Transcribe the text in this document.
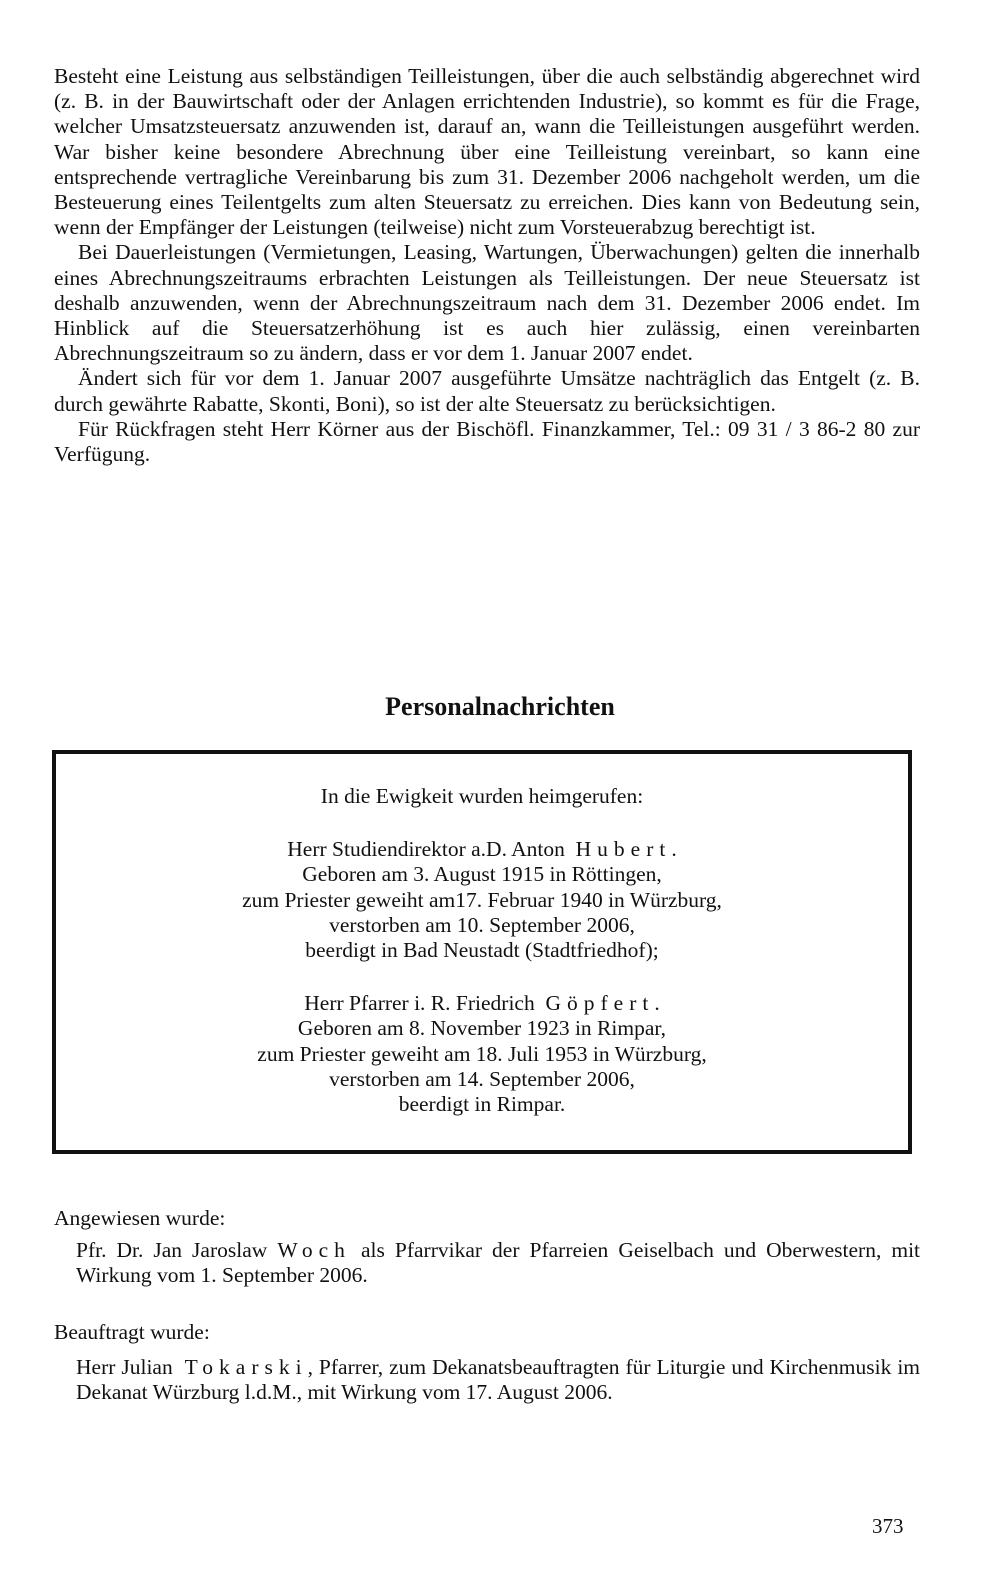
Besteht eine Leistung aus selbständigen Teilleistungen, über die auch selbständig abgerechnet wird (z. B. in der Bauwirtschaft oder der Anlagen errichtenden Industrie), so kommt es für die Frage, welcher Umsatzsteuersatz anzuwenden ist, darauf an, wann die Teilleistungen ausgeführt werden. War bisher keine besondere Abrechnung über eine Teilleistung vereinbart, so kann eine entsprechende vertragliche Vereinbarung bis zum 31. Dezember 2006 nachgeholt werden, um die Besteuerung eines Teilentgelts zum alten Steuersatz zu erreichen. Dies kann von Bedeutung sein, wenn der Empfänger der Leistungen (teilweise) nicht zum Vorsteuerabzug berechtigt ist.

Bei Dauerleistungen (Vermietungen, Leasing, Wartungen, Überwachungen) gelten die innerhalb eines Abrechnungszeitraums erbrachten Leistungen als Teilleistungen. Der neue Steuersatz ist deshalb anzuwenden, wenn der Abrechnungszeitraum nach dem 31. Dezember 2006 endet. Im Hinblick auf die Steuersatzerhöhung ist es auch hier zulässig, einen vereinbarten Abrechnungszeitraum so zu ändern, dass er vor dem 1. Januar 2007 endet.

Ändert sich für vor dem 1. Januar 2007 ausgeführte Umsätze nachträglich das Entgelt (z. B. durch gewährte Rabatte, Skonti, Boni), so ist der alte Steuersatz zu berücksichtigen.

Für Rückfragen steht Herr Körner aus der Bischöfl. Finanzkammer, Tel.: 09 31 / 3 86-2 80 zur Verfügung.

Personalnachrichten
In die Ewigkeit wurden heimgerufen:
Herr Studiendirektor a.D. Anton Hubert.
Geboren am 3. August 1915 in Röttingen,
zum Priester geweiht am17. Februar 1940 in Würzburg,
verstorben am 10. September 2006,
beerdigt in Bad Neustadt (Stadtfriedhof);
Herr Pfarrer i. R. Friedrich Göpfert.
Geboren am 8. November 1923 in Rimpar,
zum Priester geweiht am 18. Juli 1953 in Würzburg,
verstorben am 14. September 2006,
beerdigt in Rimpar.
Angewiesen wurde:
Pfr. Dr. Jan Jaroslaw Woch als Pfarrvikar der Pfarreien Geiselbach und Oberwestern, mit Wirkung vom 1. September 2006.
Beauftragt wurde:
Herr Julian Tokarski, Pfarrer, zum Dekanatsbeauftragten für Liturgie und Kirchenmusik im Dekanat Würzburg l.d.M., mit Wirkung vom 17. August 2006.
373
